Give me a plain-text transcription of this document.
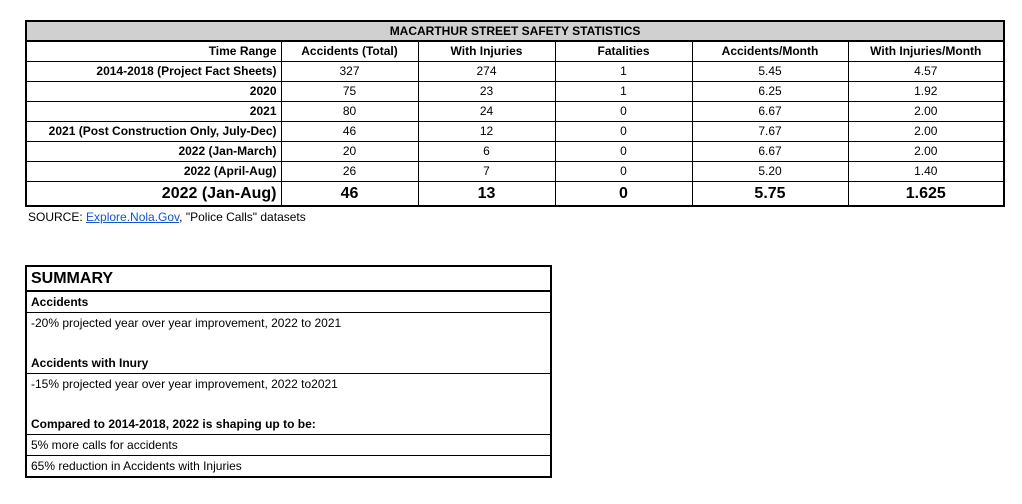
MACARTHUR STREET SAFETY STATISTICS					
Time Range	Accidents (Total)	With Injuries	Fatalities	Accidents/Month	With Injuries/Month
2014-2018 (Project Fact Sheets)	327	274	1	5.45	4.57
2020	75	23	1	6.25	1.92
2021	80	24	0	6.67	2.00
2021 (Post Construction Only, July-Dec)	46	12	0	7.67	2.00
2022 (Jan-March)	20	6	0	6.67	2.00
2022 (April-Aug)	26	7	0	5.20	1.40
2022 (Jan-Aug)	46	13	0	5.75	1.625
SOURCE: Explore.Nola.Gov, "Police Calls" datasets
SUMMARY
Accidents
-20% projected year over year improvement, 2022 to 2021
Accidents with Inury
-15% projected year over year improvement, 2022 to2021
Compared to 2014-2018, 2022 is shaping up to be:
5% more calls for accidents
65% reduction in Accidents with Injuries
